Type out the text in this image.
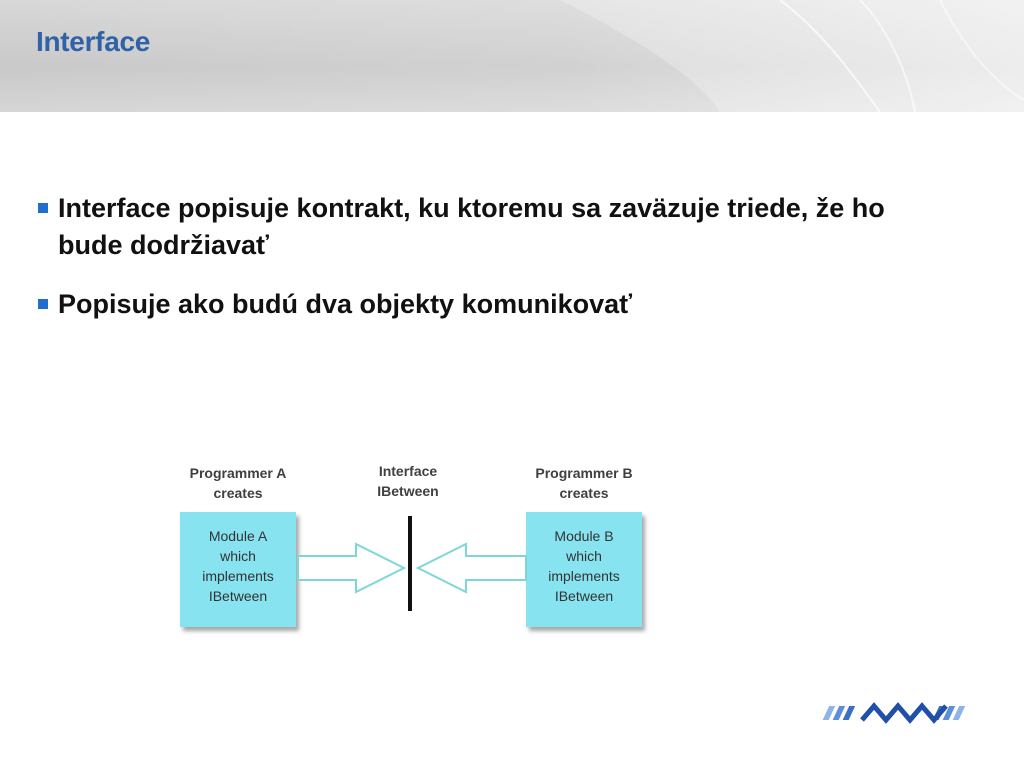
Interface
Interface popisuje kontrakt, ku ktoremu sa zaväzuje triede, že ho bude dodržiavať
Popisuje ako budú dva objekty komunikovať
Programmer A
creates
Interface
IBetween
Programmer B
creates
Module A
which
implements
IBetween
Module B
which
implements
IBetween
